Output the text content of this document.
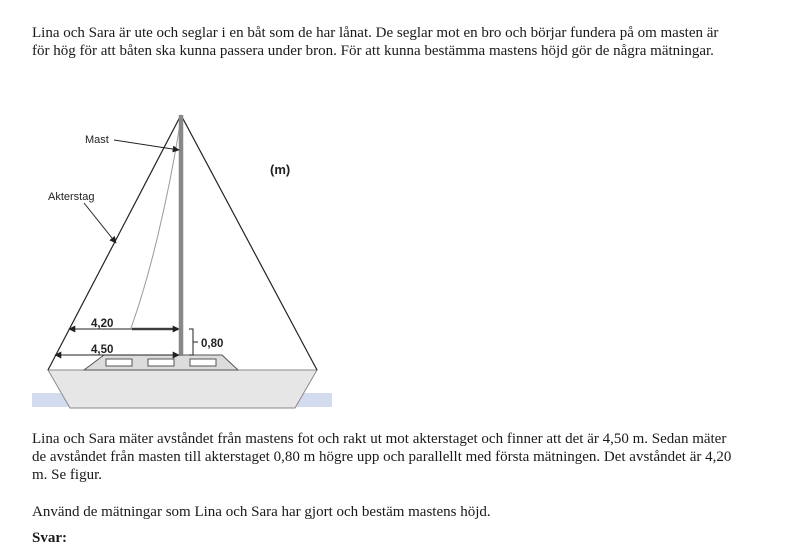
Lina och Sara är ute och seglar i en båt som de har lånat. De seglar mot en bro och börjar fundera på om masten är för hög för att båten ska kunna passera under bron. För att kunna bestämma mastens höjd gör de några mätningar.

Mast
Akterstag
(m)
4,20
4,50	0,80

Lina och Sara mäter avståndet från mastens fot och rakt ut mot akterstaget och finner att det är 4,50 m. Sedan mäter de avståndet från masten till akterstaget 0,80 m högre upp och parallellt med första mätningen. Det avståndet är 4,20 m. Se figur.

Använd de mätningar som Lina och Sara har gjort och bestäm mastens höjd.

Svar:
